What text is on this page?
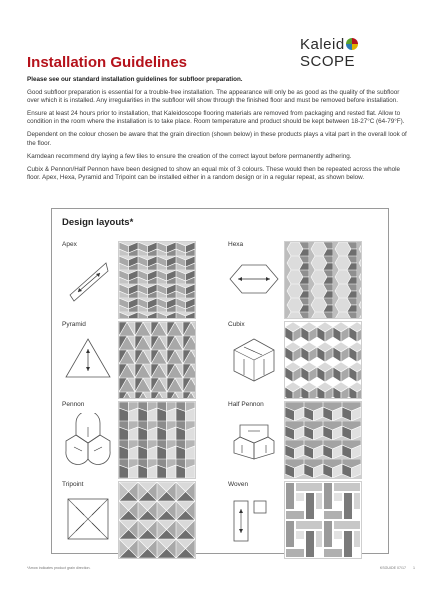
KaleidSCOPE
Installation Guidelines

Please see our standard installation guidelines for subfloor preparation.

Good subfloor preparation is essential for a trouble-free installation. The appearance will only be as good as the quality of the subfloor over which it is installed. Any irregularities in the subfloor will show through the finished floor and must be removed before installation.

Ensure at least 24 hours prior to installation, that Kaleidoscope flooring materials are removed from packaging and rested flat. Allow to condition in the room where the installation is to take place. Room temperature and product should be kept between 18-27°C (64-79°F).

Dependent on the colour chosen be aware that the grain direction (shown below) in these products plays a vital part in the overall look of the floor.

Karndean recommend dry laying a few tiles to ensure the creation of the correct layout before permanently adhering.

Cubix & Pennon/Half Pennon have been designed to show an equal mix of 3 colours. These would then be repeated across the whole floor. Apex, Hexa, Pyramid and Tripoint can be installed either in a random design or in a regular repeat, as shown below.

Design layouts*
Apex	Hexa
Pyramid	Cubix
Pennon	Half Pennon
Tripoint	Woven
*Arrow indicates product grain direction.	KSGUIDE 07/17 1
